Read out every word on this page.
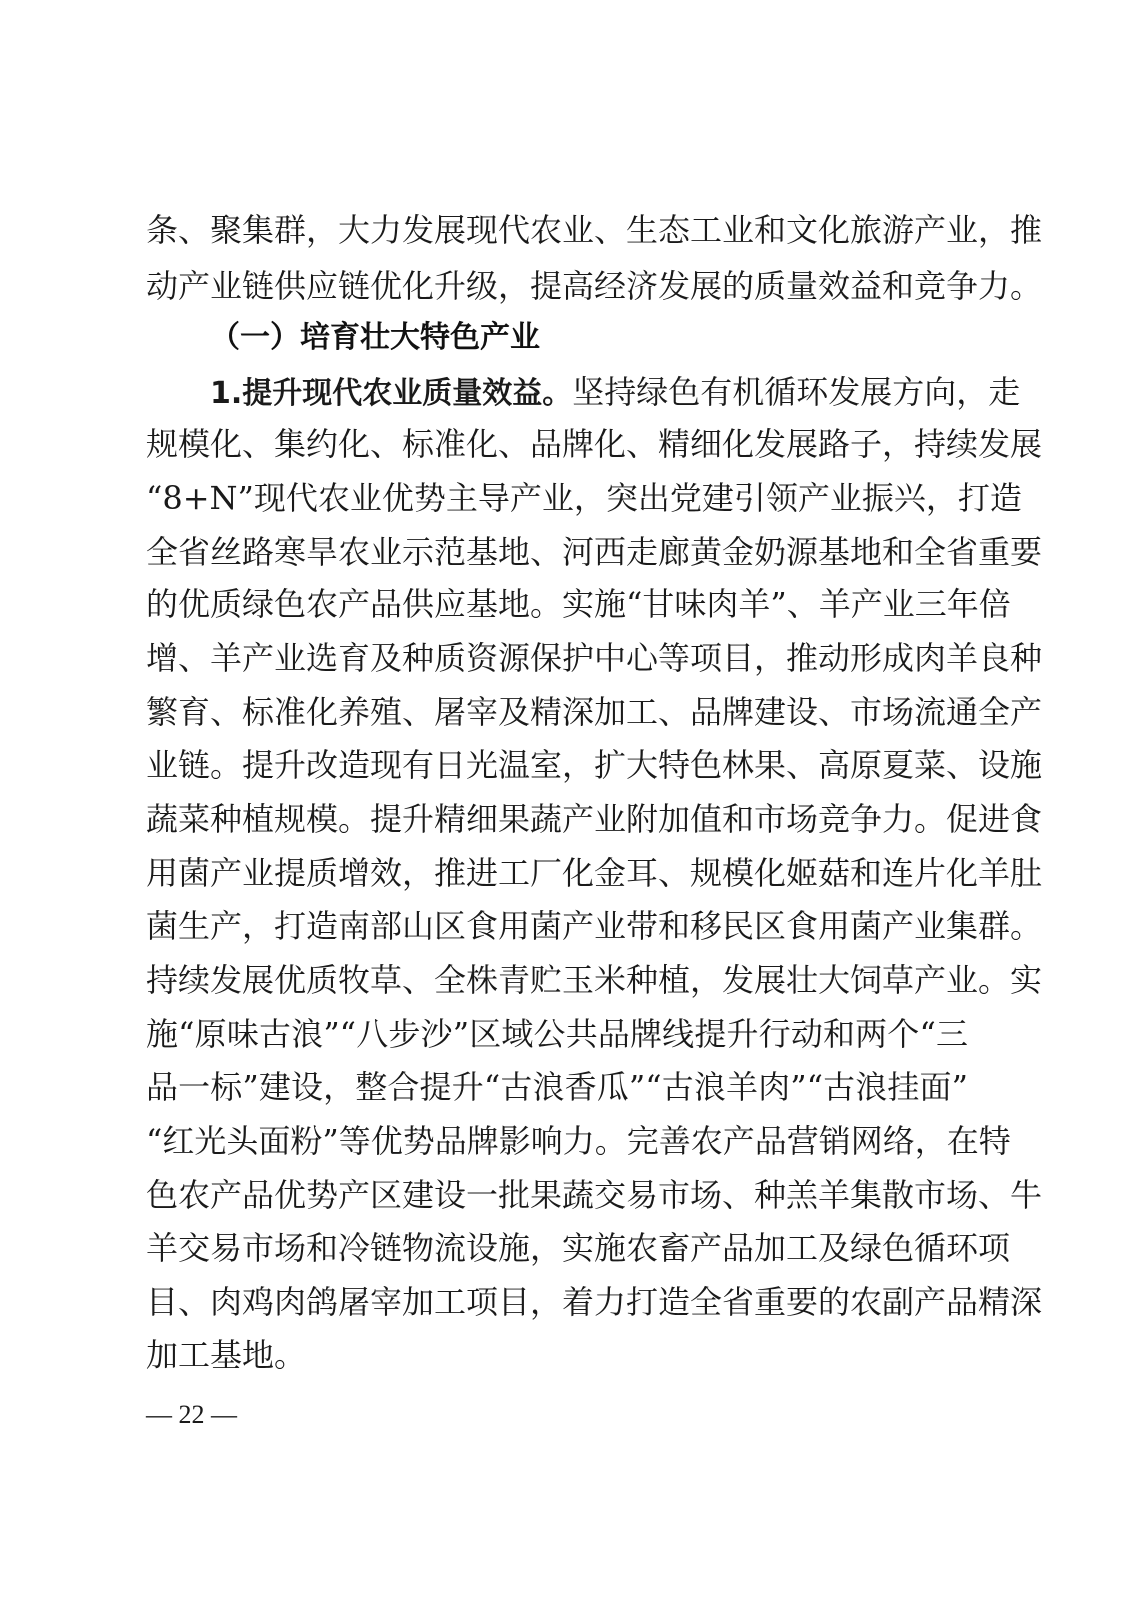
条、聚集群，大力发展现代农业、生态工业和文化旅游产业，推
动产业链供应链优化升级，提高经济发展的质量效益和竞争力。
（一）培育壮大特色产业
1.提升现代农业质量效益。坚持绿色有机循环发展方向，走
规模化、集约化、标准化、品牌化、精细化发展路子，持续发展
“8+N”现代农业优势主导产业，突出党建引领产业振兴，打造
全省丝路寒旱农业示范基地、河西走廊黄金奶源基地和全省重要
的优质绿色农产品供应基地。实施“甘味肉羊”、羊产业三年倍
增、羊产业选育及种质资源保护中心等项目，推动形成肉羊良种
繁育、标准化养殖、屠宰及精深加工、品牌建设、市场流通全产
业链。提升改造现有日光温室，扩大特色林果、高原夏菜、设施
蔬菜种植规模。提升精细果蔬产业附加值和市场竞争力。促进食
用菌产业提质增效，推进工厂化金耳、规模化姬菇和连片化羊肚
菌生产，打造南部山区食用菌产业带和移民区食用菌产业集群。
持续发展优质牧草、全株青贮玉米种植，发展壮大饲草产业。实
施“原味古浪”“八步沙”区域公共品牌线提升行动和两个“三
品一标”建设，整合提升“古浪香瓜”“古浪羊肉”“古浪挂面”
“红光头面粉”等优势品牌影响力。完善农产品营销网络，在特
色农产品优势产区建设一批果蔬交易市场、种羔羊集散市场、牛
羊交易市场和冷链物流设施，实施农畜产品加工及绿色循环项
目、肉鸡肉鸽屠宰加工项目，着力打造全省重要的农副产品精深
加工基地。
— 22 —
